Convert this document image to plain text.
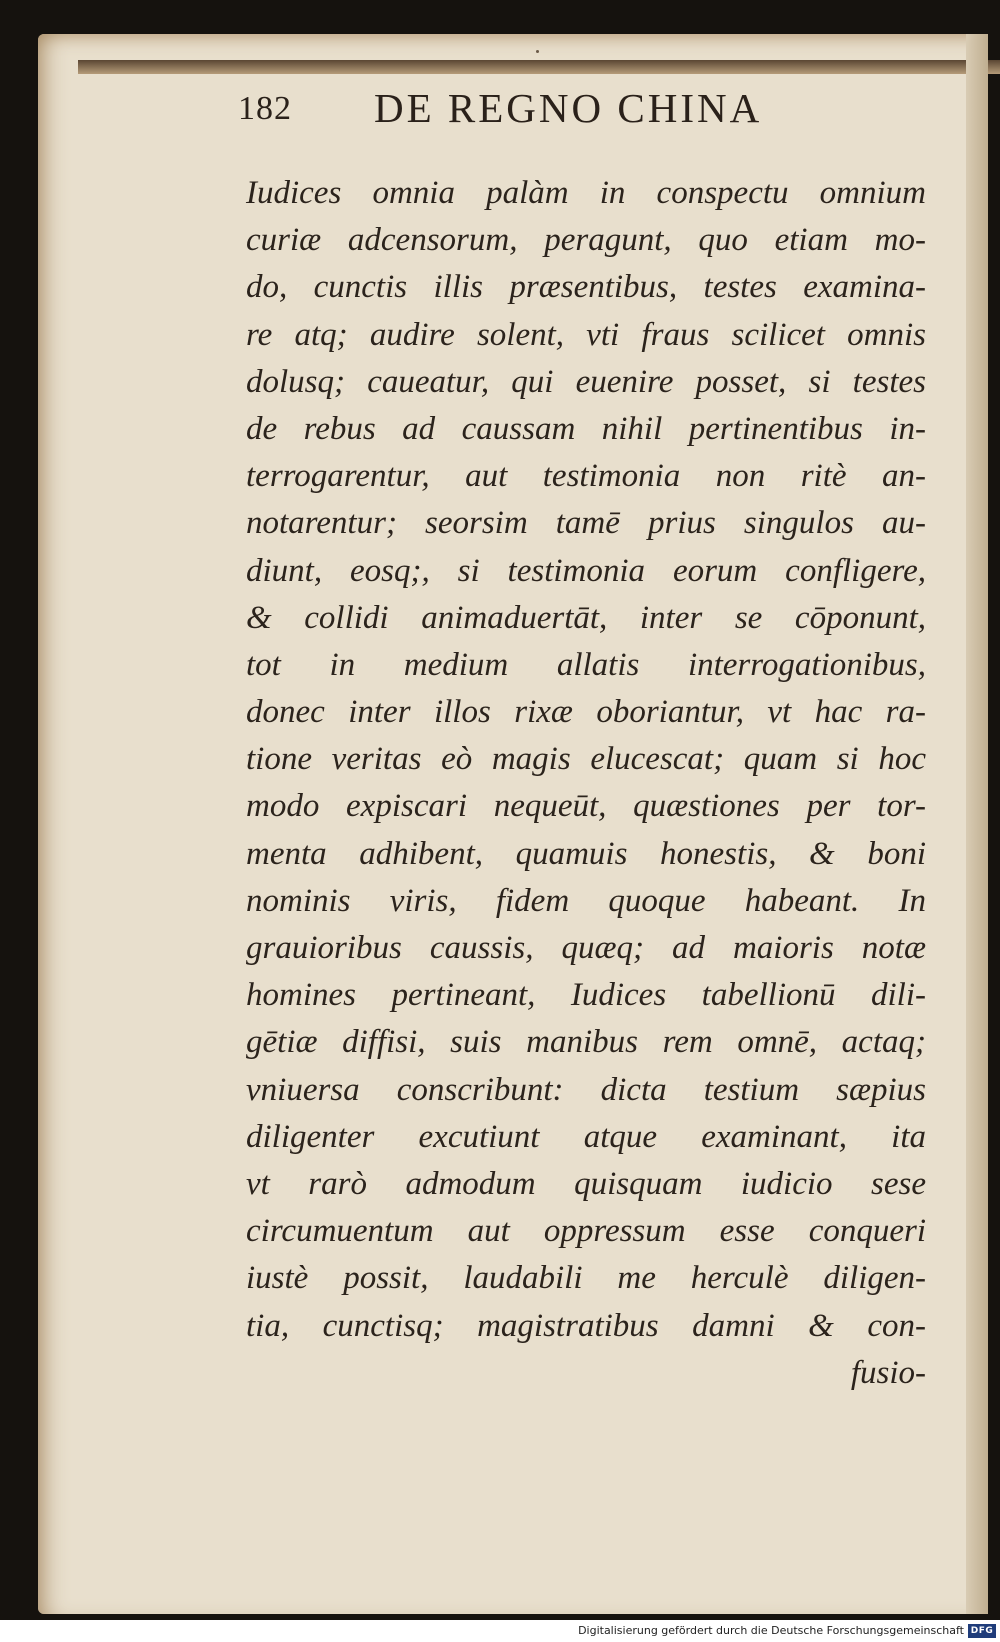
182 DE REGNO CHINA
Iudices omnia palàm in conspectu omnium
curiæ adcensorum, peragunt, quo etiam mo-
do, cunctis illis præsentibus, testes examina-
re atq; audire solent, vti fraus scilicet omnis
dolusq; caueatur, qui euenire posset, si testes
de rebus ad caussam nihil pertinentibus in-
terrogarentur, aut testimonia non ritè an-
notarentur; seorsim tamē prius singulos au-
diunt, eosq;, si testimonia eorum confligere,
& collidi animaduertāt, inter se cōponunt,
tot in medium allatis interrogationibus,
donec inter illos rixæ oboriantur, vt hac ra-
tione veritas eò magis elucescat; quam si hoc
modo expiscari nequeūt, quæstiones per tor-
menta adhibent, quamuis honestis, & boni
nominis viris, fidem quoque habeant. In
grauioribus caussis, quæq; ad maioris notæ
homines pertineant, Iudices tabellionū dili-
gētiæ diffisi, suis manibus rem omnē, actaq;
vniuersa conscribunt: dicta testium sæpius
diligenter excutiunt atque examinant, ita
vt rarò admodum quisquam iudicio sese
circumuentum aut oppressum esse conqueri
iustè possit, laudabili me herculè diligen-
tia, cunctisq; magistratibus damni & con-
fusio-
Digitalisierung gefördert durch die Deutsche Forschungsgemeinschaft DFG
